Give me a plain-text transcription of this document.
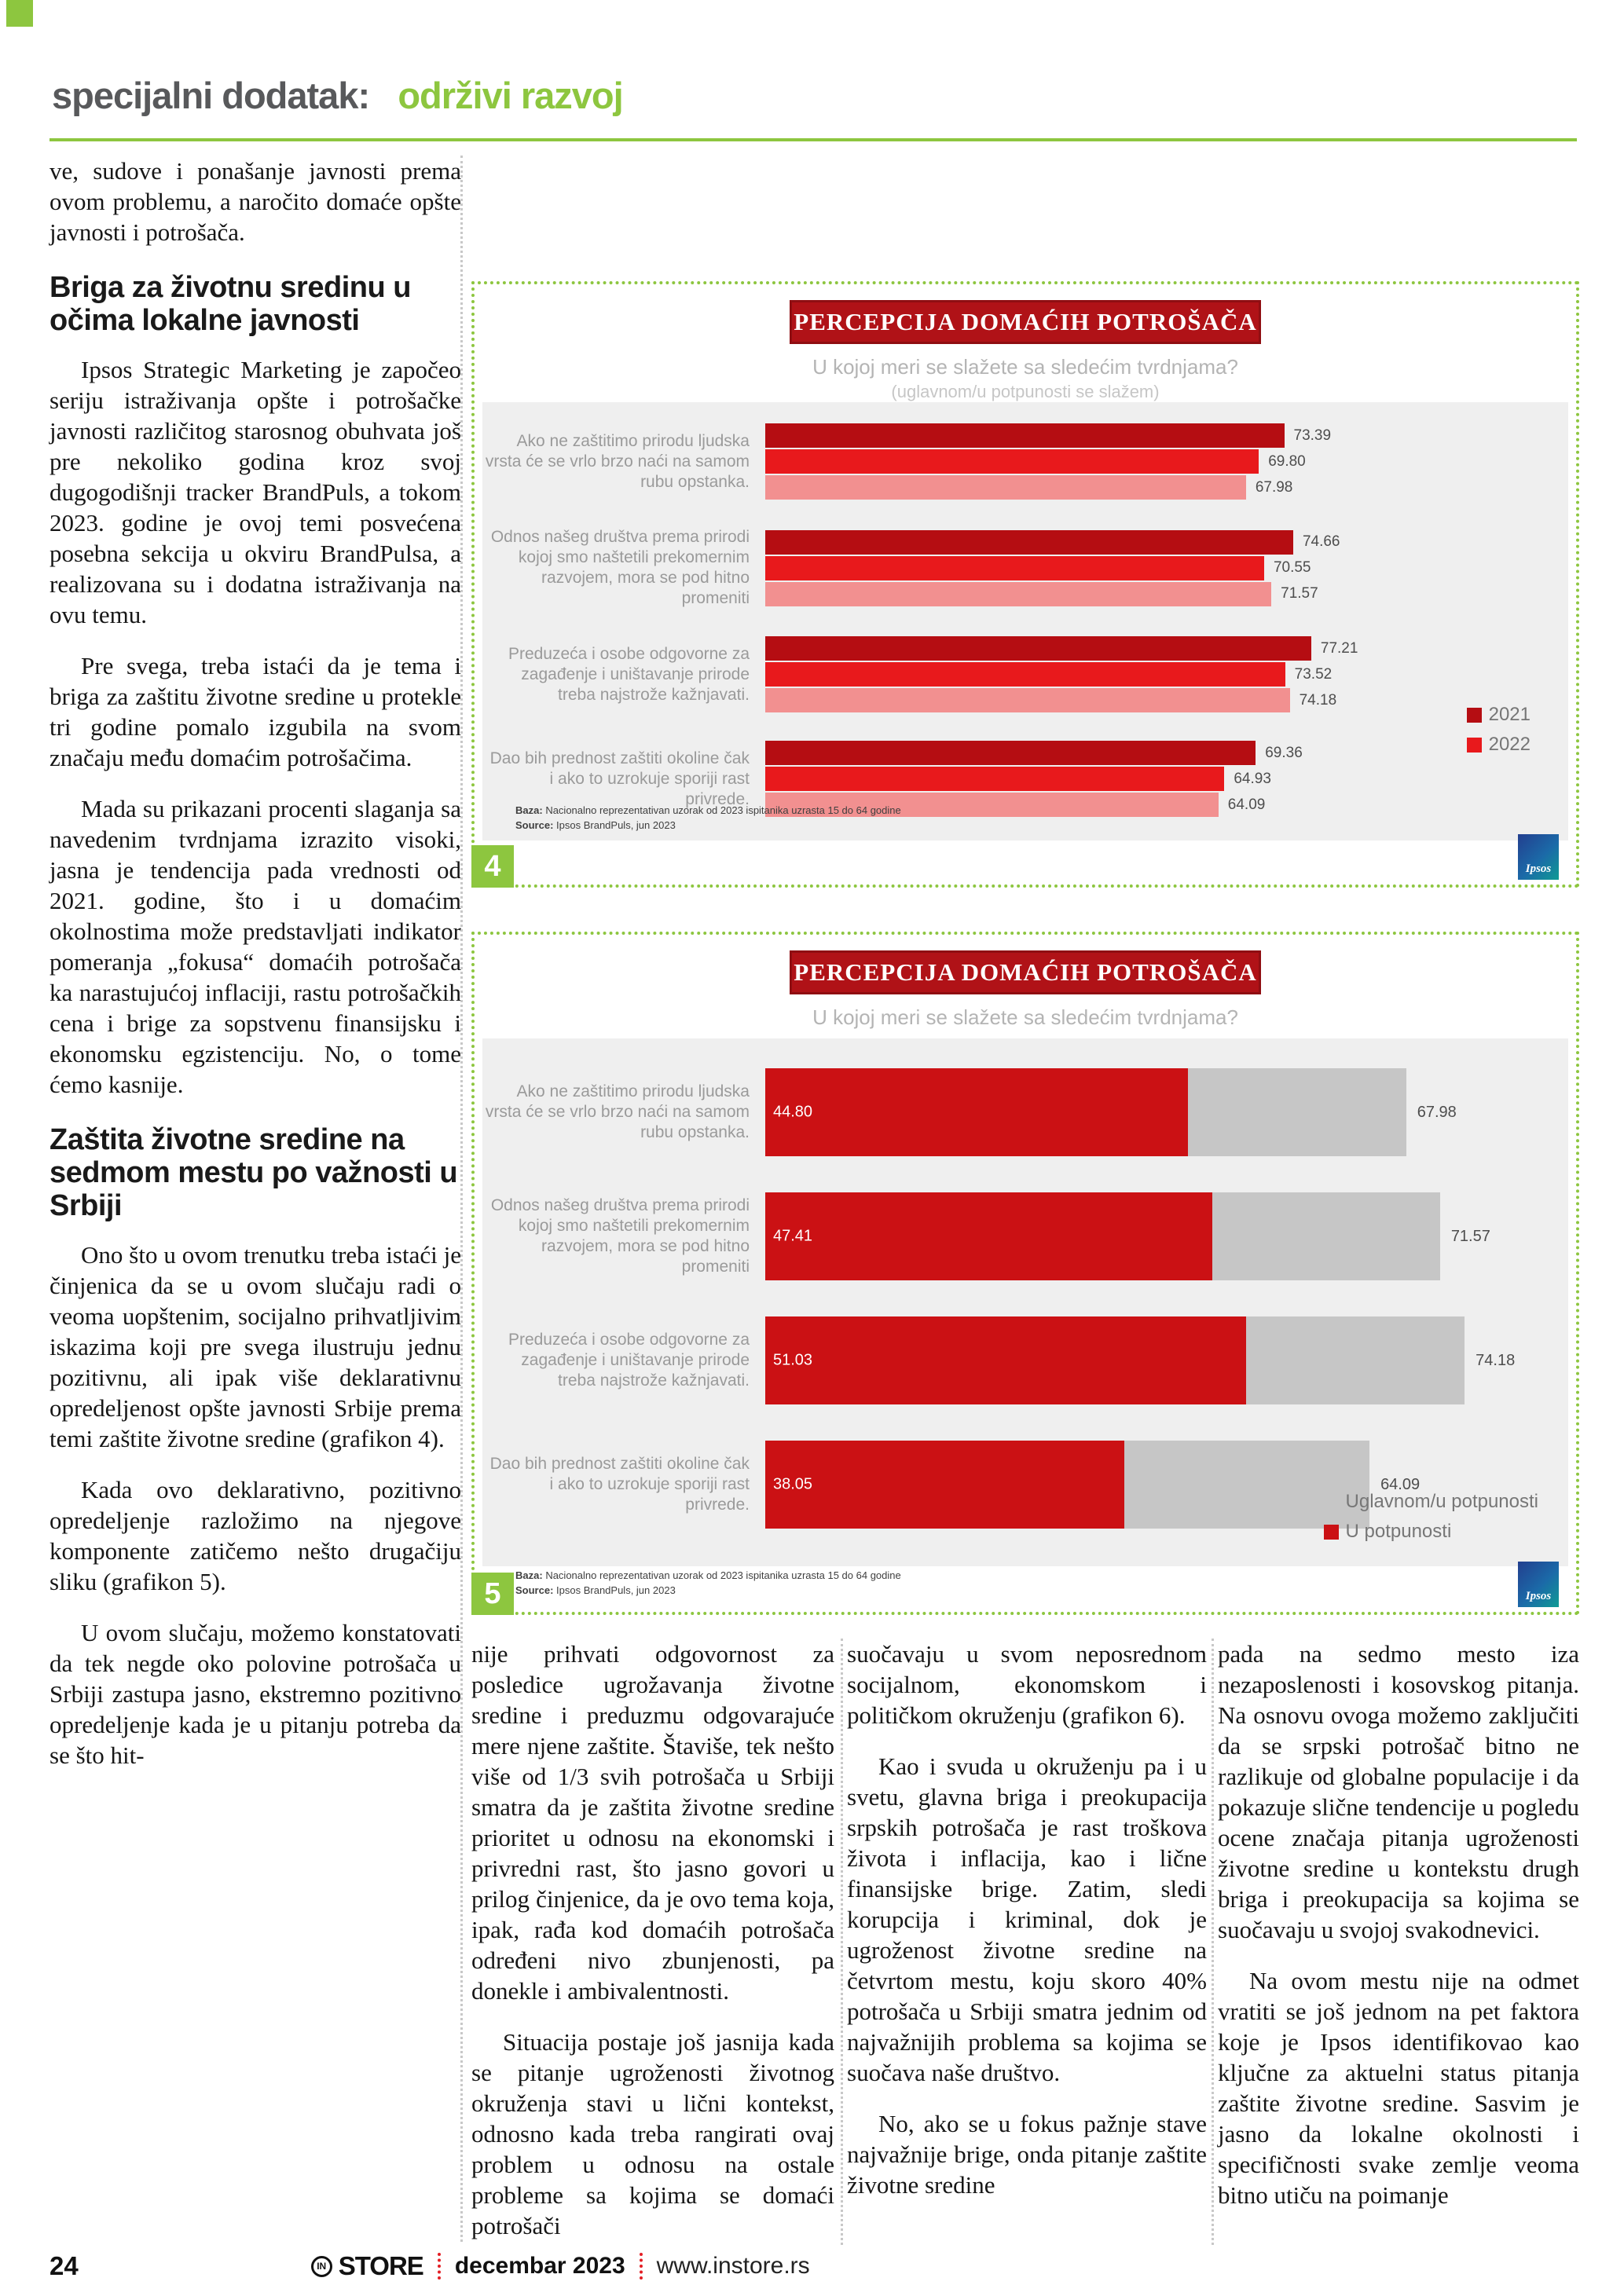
specijalni dodatak: održivi razvoj

ve, sudove i ponašanje javnosti prema ovom problemu, a naročito domaće opšte javnosti i potrošača.

Briga za životnu sredinu u očima lokalne javnosti

Ipsos Strategic Marketing je započeo seriju istraživanja opšte i potrošačke javnosti različitog starosnog obuhvata još pre nekoliko godina kroz svoj dugogodišnji tracker BrandPuls, a tokom 2023. godine je ovoj temi posvećena posebna sekcija u okviru BrandPulsa, a realizovana su i dodatna istraživanja na ovu temu.

Pre svega, treba istaći da je tema i briga za zaštitu životne sredine u protekle tri godine pomalo izgubila na svom značaju među domaćim potrošačima.

Mada su prikazani procenti slaganja sa navedenim tvrdnjama izrazito visoki, jasna je tendencija pada vrednosti od 2021. godine, što i u domaćim okolnostima može predstavljati indikator pomeranja „fokusa“ domaćih potrošača ka narastujućoj inflaciji, rastu potrošačkih cena i brige za sopstvenu finansijsku i ekonomsku egzistenciju. No, o tome ćemo kasnije.

Zaštita životne sredine na sedmom mestu po važnosti u Srbiji

Ono što u ovom trenutku treba istaći je činjenica da se u ovom slučaju radi o veoma uopštenim, socijalno prihvatljivim iskazima koji pre svega ilustruju jednu pozitivnu, ali ipak više deklarativnu opredeljenost opšte javnosti Srbije prema temi zaštite životne sredine (grafikon 4).

Kada ovo deklarativno, pozitivno opredeljenje razložimo na njegove komponente zatičemo nešto drugačiju sliku (grafikon 5).

U ovom slučaju, možemo konstatovati da tek negde oko polovine potrošača u Srbiji zastupa jasno, ekstremno pozitivno opredeljenje kada je u pitanju potreba da se što hit-

PERCEPCIJA DOMAĆIH POTROŠAČA
U kojoj meri se slažete sa sledećim tvrdnjama?
(uglavnom/u potpunosti se slažem)
Ako ne zaštitimo prirodu ljudska vrsta će se vrlo brzo naći na samom rubu opstanka.
73.39
69.80
67.98
Odnos našeg društva prema prirodi kojoj smo naštetili prekomernim razvojem, mora se pod hitno promeniti
74.66
70.55
71.57
Preduzeća i osobe odgovorne za zagađenje i uništavanje prirode treba najstrože kažnjavati.
77.21
73.52
74.18
Dao bih prednost zaštiti okoline čak i ako to uzrokuje sporiji rast privrede.
69.36
64.93
64.09
2021
2022
Baza: Nacionalno reprezentativan uzorak od 2023 ispitanika uzrasta 15 do 64 godine
Source: Ipsos BrandPuls, jun 2023
Ipsos
4
PERCEPCIJA DOMAĆIH POTROŠAČA
U kojoj meri se slažete sa sledećim tvrdnjama?
Ako ne zaštitimo prirodu ljudska vrsta će se vrlo brzo naći na samom rubu opstanka.
44.80	67.98
Odnos našeg društva prema prirodi kojoj smo naštetili prekomernim razvojem, mora se pod hitno promeniti
47.41	71.57
Preduzeća i osobe odgovorne za zagađenje i uništavanje prirode treba najstrože kažnjavati.
51.03	74.18
Dao bih prednost zaštiti okoline čak i ako to uzrokuje sporiji rast privrede.
38.05	64.09
Uglavnom/u potpunosti
U potpunosti
Baza: Nacionalno reprezentativan uzorak od 2023 ispitanika uzrasta 15 do 64 godine
Source: Ipsos BrandPuls, jun 2023	Ipsos
5

nije prihvati odgovornost za posledice ugrožavanja životne sredine i preduzmu odgovarajuće mere njene zaštite. Štaviše, tek nešto više od 1/3 svih potrošača u Srbiji smatra da je zaštita životne sredine prioritet u odnosu na ekonomski i privredni rast, što jasno govori u prilog činjenice, da je ovo tema koja, ipak, rađa kod domaćih potrošača određeni nivo zbunjenosti, pa donekle i ambivalentnosti.

Situacija postaje još jasnija kada se pitanje ugroženosti životnog okruženja stavi u lični kontekst, odnosno kada treba rangirati ovaj problem u odnosu na ostale probleme sa kojima se domaći potrošači

suočavaju u svom neposrednom socijalnom, ekonomskom i političkom okruženju (grafikon 6).

Kao i svuda u okruženju pa i u svetu, glavna briga i preokupacija srpskih potrošača je rast troškova života i inflacija, kao i lične finansijske brige. Zatim, sledi korupcija i kriminal, dok je ugroženost životne sredine na četvrtom mestu, koju skoro 40% potrošača u Srbiji smatra jednim od najvažnijih problema sa kojima se suočava naše društvo.

No, ako se u fokus pažnje stave najvažnije brige, onda pitanje zaštite životne sredine

pada na sedmo mesto iza nezaposlenosti i kosovskog pitanja. Na osnovu ovoga možemo zaključiti da se srpski potrošač bitno ne razlikuje od globalne populacije i da pokazuje slične tendencije u pogledu ocene značaja pitanja ugroženosti životne sredine u kontekstu drugh briga i preokupacija sa kojima se suočavaju u svojoj svakodnevici.

Na ovom mestu nije na odmet vratiti se još jednom na pet faktora koje je Ipsos identifikovao kao ključne za aktuelni status pitanja zaštite životne sredine. Sasvim je jasno da lokalne okolnosti i specifičnosti svake zemlje veoma bitno utiču na poimanje

24	IN STORE decembar 2023 www.instore.rs
